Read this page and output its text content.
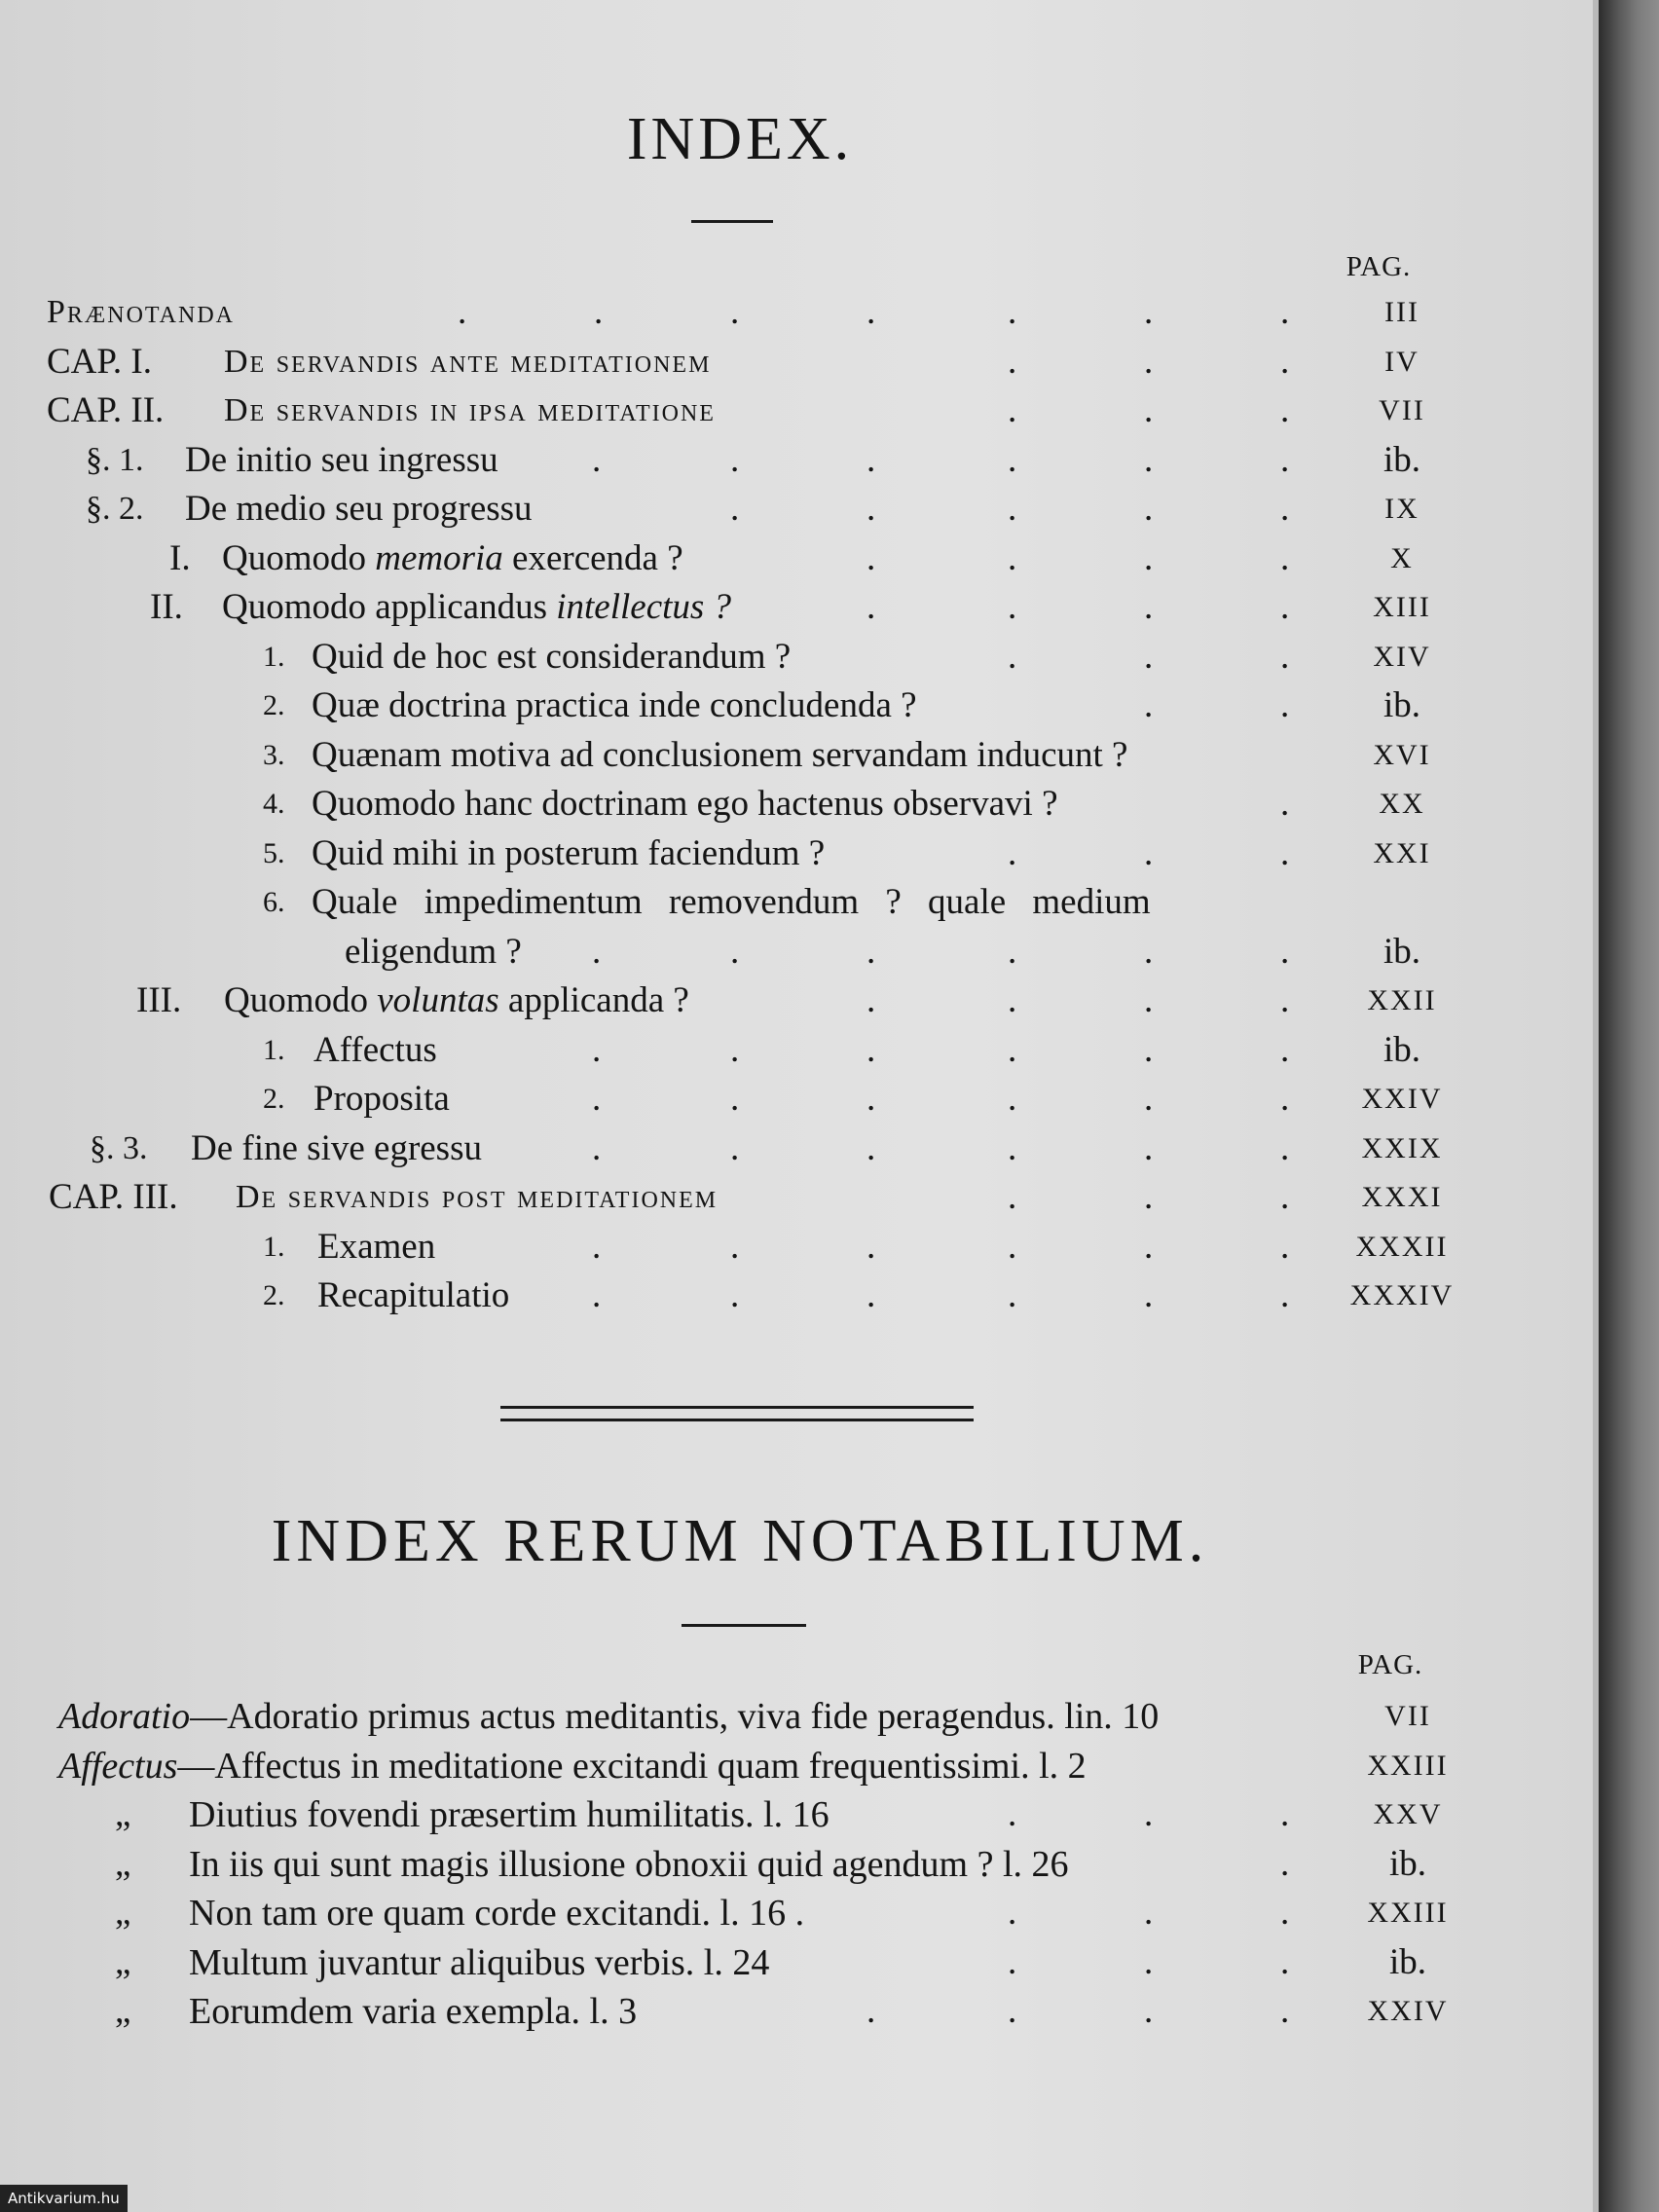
INDEX.
PAG.
Prænotanda	.	.	.	.	.	.	.	III
CAP. I. De servandis ante meditationem	.	.	.	IV
CAP. II. De servandis in ipsa meditatione	.	.	.	VII
§. 1. De initio seu ingressu	.	.	.	.	.	.	ib.
§. 2. De medio seu progressu	.	.	.	.	.	IX
I. Quomodo memoria exercenda ?	.	.	.	.	X
II. Quomodo applicandus intellectus ?	.	.	.	.	XIII
1. Quid de hoc est considerandum ?	.	.	.	XIV
2. Quæ doctrina practica inde concludenda ?	.	.	ib.
3. Quænam motiva ad conclusionem servandam inducunt ?	XVI
4. Quomodo hanc doctrinam ego hactenus observavi ?	.	XX
5. Quid mihi in posterum faciendum ?	.	.	.	XXI
6. Quale impedimentum removendum ? quale medium
eligendum ? .	.	.	.	.	.	ib.
III. Quomodo voluntas applicanda ?	.	.	.	.	XXII
1. Affectus	.	.	.	.	.	.	ib.
2. Proposita	.	.	.	.	.	.	XXIV
§. 3. De fine sive egressu	.	.	.	.	.	.	XXIX
CAP. III. De servandis post meditationem	.	.	.	XXXI
1. Examen	.	.	.	.	.	.	XXXII
2. Recapitulatio .	.	.	.	.	.	XXXIV
INDEX RERUM NOTABILIUM.
PAG.
Adoratio—Adoratio primus actus meditantis, viva fide peragendus. lin. 10	VII
Affectus—Affectus in meditatione excitandi quam frequentissimi. l. 2	XXIII
„ Diutius fovendi præsertim humilitatis. l. 16	.	.	.	XXV
„ In iis qui sunt magis illusione obnoxii quid agendum ? l. 26	.	ib.
„ Non tam ore quam corde excitandi. l. 16 .	.	.	.	XXIII
„ Multum juvantur aliquibus verbis. l. 24	.	.	.	ib.
„ Eorumdem varia exempla. l. 3	.	.	.	.	XXIV
Antikvarium.hu
